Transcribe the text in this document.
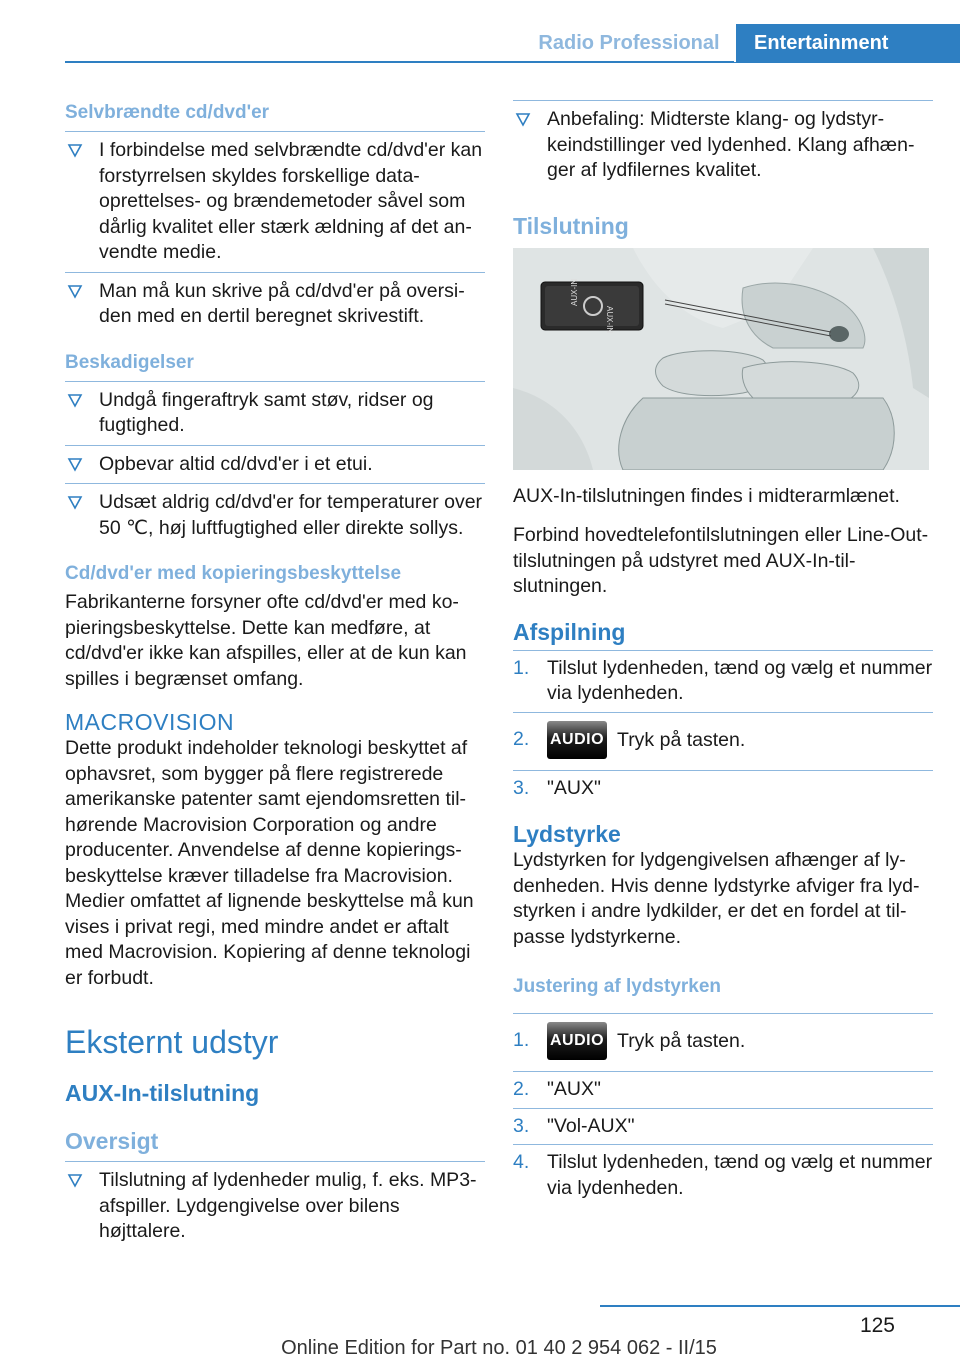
Radio Professional	Entertainment
Selvbrændte cd/dvd'er
I forbindelse med selvbrændte cd/dvd'er kan forstyrrelsen skyldes forskellige dataoprettelses- og brændemetoder såvel som dårlig kvalitet eller stærk ældning af det anvendte medie.
Man må kun skrive på cd/dvd'er på oversiden med en dertil beregnet skrivestift.
Beskadigelser
Undgå fingeraftryk samt støv, ridser og fugtighed.
Opbevar altid cd/dvd'er i et etui.
Udsæt aldrig cd/dvd'er for temperaturer over 50 ℃, høj luftfugtighed eller direkte sollys.
Cd/dvd'er med kopieringsbeskyttelse

Fabrikanterne forsyner ofte cd/dvd'er med kopieringsbeskyttelse. Dette kan medføre, at cd/dvd'er ikke kan afspilles, eller at de kun kan spilles i begrænset omfang.

MACROVISION

Dette produkt indeholder teknologi beskyttet af ophavsret, som bygger på flere registrerede amerikanske patenter samt ejendomsretten tilhørende Macrovision Corporation og andre producenter. Anvendelse af denne kopieringsbeskyttelse kræver tilladelse fra Macrovision. Medier omfattet af lignende beskyttelse må kun vises i privat regi, med mindre andet er aftalt med Macrovision. Kopiering af denne teknologi er forbudt.

Eksternt udstyr
AUX-In-tilslutning
Oversigt
Tilslutning af lydenheder mulig, f. eks. MP3-afspiller. Lydgengivelse over bilens højttalere.
Anbefaling: Midterste klang- og lydstyrkeindstillinger ved lydenhed. Klang afhænger af lydfilernes kvalitet.
Tilslutning
AUX-IN
AUX-IN

AUX-In-tilslutningen findes i midterarmlænet.

Forbind hovedtelefontilslutningen eller Line-Out-tilslutningen på udstyret med AUX-In-tilslutningen.

Afspilning
1. Tilslut lydenheden, tænd og vælg et nummer via lydenheden.
2. AUDIO Tryk på tasten.
3. "AUX"
Lydstyrke

Lydstyrken for lydgengivelsen afhænger af lydenheden. Hvis denne lydstyrke afviger fra lydstyrken i andre lydkilder, er det en fordel at tilpasse lydstyrkerne.

Justering af lydstyrken
1. AUDIO Tryk på tasten.
2. "AUX"
3. "Vol-AUX"
4. Tilslut lydenheden, tænd og vælg et nummer via lydenheden.
125
Online Edition for Part no. 01 40 2 954 062 - II/15
